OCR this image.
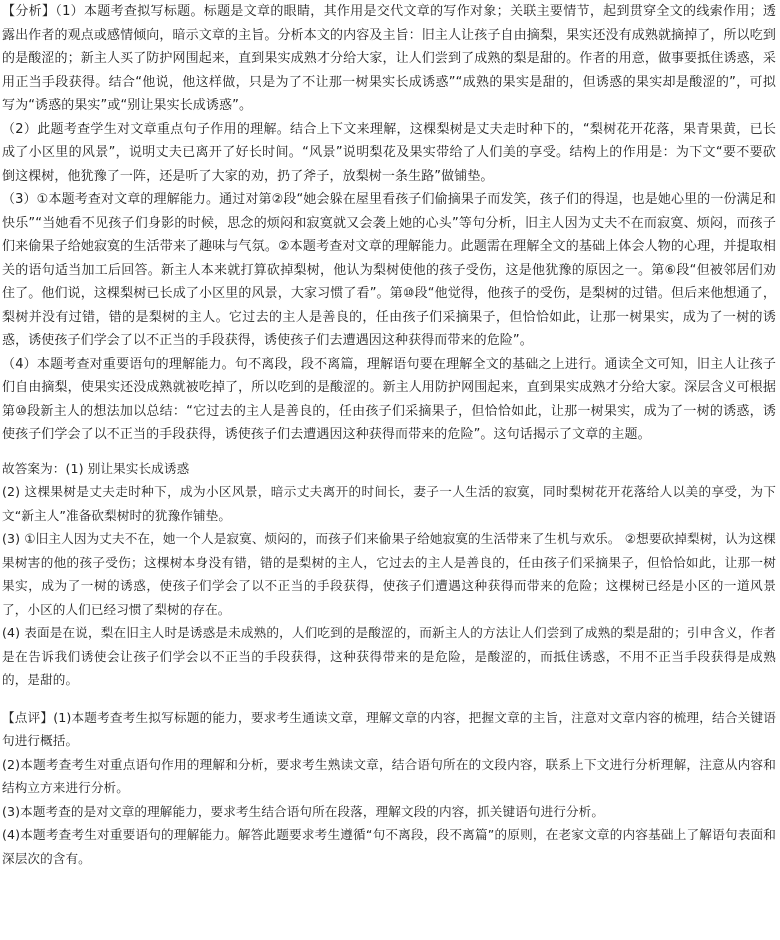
【分析】（1）本题考查拟写标题。标题是文章的眼睛，其作用是交代文章的写作对象；关联主要情节，起到贯穿全文的线索作用；透露出作者的观点或感情倾向，暗示文章的主旨。分析本文的内容及主旨：旧主人让孩子自由摘梨，果实还没有成熟就摘掉了，所以吃到的是酸涩的；新主人买了防护网围起来，直到果实成熟才分给大家，让人们尝到了成熟的梨是甜的。作者的用意，做事要抵住诱惑，采用正当手段获得。结合“他说，他这样做，只是为了不让那一树果实长成诱惑”“成熟的果实是甜的，但诱惑的果实却是酸涩的”，可拟写为“诱惑的果实”或“别让果实长成诱惑”。

（2）此题考查学生对文章重点句子作用的理解。结合上下文来理解，这棵梨树是丈夫走时种下的，“梨树花开花落，果青果黄，已长成了小区里的风景”，说明丈夫已离开了好长时间。“风景”说明梨花及果实带给了人们美的享受。结构上的作用是：为下文“要不要砍倒这棵树，他犹豫了一阵，还是听了大家的劝，扔了斧子，放梨树一条生路”做铺垫。

（3）①本题考查对文章的理解能力。通过对第②段“她会躲在屋里看孩子们偷摘果子而发笑，孩子们的得逞，也是她心里的一份满足和快乐”“当她看不见孩子们身影的时候，思念的烦闷和寂寞就又会袭上她的心头”等句分析，旧主人因为丈夫不在而寂寞、烦闷，而孩子们来偷果子给她寂寞的生活带来了趣味与气氛。②本题考查对文章的理解能力。此题需在理解全文的基础上体会人物的心理，并提取相关的语句适当加工后回答。新主人本来就打算砍掉梨树，他认为梨树使他的孩子受伤，这是他犹豫的原因之一。第⑥段“但被邻居们劝住了。他们说，这棵梨树已长成了小区里的风景，大家习惯了看”。第⑩段“他觉得，他孩子的受伤，是梨树的过错。但后来他想通了，梨树并没有过错，错的是梨树的主人。它过去的主人是善良的，任由孩子们采摘果子，但恰恰如此，让那一树果实，成为了一树的诱惑，诱使孩子们学会了以不正当的手段获得，诱使孩子们去遭遇因这种获得而带来的危险”。

（4）本题考查对重要语句的理解能力。句不离段，段不离篇，理解语句要在理解全文的基础之上进行。通读全文可知，旧主人让孩子们自由摘梨，使果实还没成熟就被吃掉了，所以吃到的是酸涩的。新主人用防护网围起来，直到果实成熟才分给大家。深层含义可根据第⑩段新主人的想法加以总结：“它过去的主人是善良的，任由孩子们采摘果子，但恰恰如此，让那一树果实，成为了一树的诱惑，诱使孩子们学会了以不正当的手段获得，诱使孩子们去遭遇因这种获得而带来的危险”。这句话揭示了文章的主题。

故答案为：(1) 别让果实长成诱惑

(2) 这棵果树是丈夫走时种下，成为小区风景，暗示丈夫离开的时间长，妻子一人生活的寂寞，同时梨树花开花落给人以美的享受，为下文“新主人”准备砍梨树时的犹豫作铺垫。

(3) ①旧主人因为丈夫不在，她一个人是寂寞、烦闷的，而孩子们来偷果子给她寂寞的生活带来了生机与欢乐。 ②想要砍掉梨树，认为这棵果树害的他的孩子受伤；这棵树本身没有错，错的是梨树的主人，它过去的主人是善良的，任由孩子们采摘果子，但恰恰如此，让那一树果实，成为了一树的诱惑，使孩子们学会了以不正当的手段获得，使孩子们遭遇这种获得而带来的危险；这棵树已经是小区的一道风景了，小区的人们已经习惯了梨树的存在。

(4) 表面是在说，梨在旧主人时是诱惑是未成熟的，人们吃到的是酸涩的，而新主人的方法让人们尝到了成熟的梨是甜的；引申含义，作者是在告诉我们诱使会让孩子们学会以不正当的手段获得，这种获得带来的是危险，是酸涩的，而抵住诱惑，不用不正当手段获得是成熟的，是甜的。

【点评】(1)本题考查考生拟写标题的能力，要求考生通读文章，理解文章的内容，把握文章的主旨，注意对文章内容的梳理，结合关键语句进行概括。

(2)本题考查考生对重点语句作用的理解和分析，要求考生熟读文章，结合语句所在的文段内容，联系上下文进行分析理解，注意从内容和结构立方来进行分析。

(3)本题考查的是对文章的理解能力，要求考生结合语句所在段落，理解文段的内容，抓关键语句进行分析。

(4)本题考查考生对重要语句的理解能力。解答此题要求考生遵循“句不离段，段不离篇”的原则，在老家文章的内容基础上了解语句表面和深层次的含有。
